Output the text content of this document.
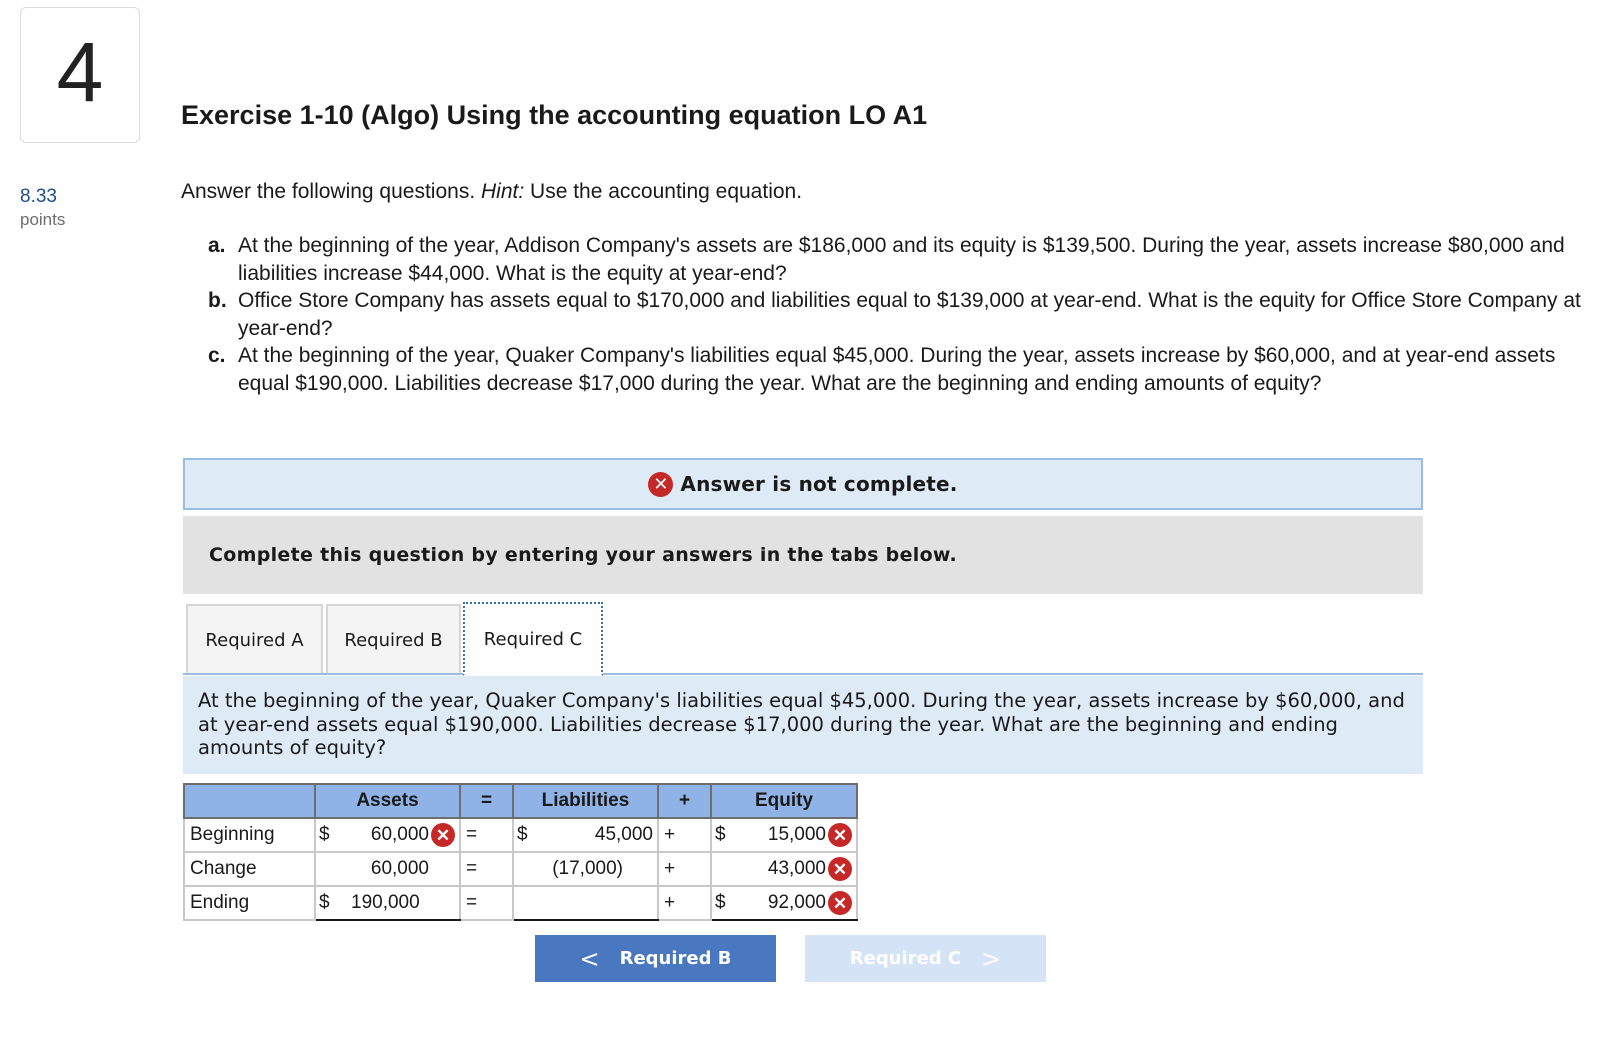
4
8.33
points
Exercise 1-10 (Algo) Using the accounting equation LO A1
Answer the following questions. Hint: Use the accounting equation.
a. At the beginning of the year, Addison Company's assets are $186,000 and its equity is $139,500. During the year, assets increase $80,000 and liabilities increase $44,000. What is the equity at year-end?
b. Office Store Company has assets equal to $170,000 and liabilities equal to $139,000 at year-end. What is the equity for Office Store Company at year-end?
c. At the beginning of the year, Quaker Company's liabilities equal $45,000. During the year, assets increase by $60,000, and at year-end assets equal $190,000. Liabilities decrease $17,000 during the year. What are the beginning and ending amounts of equity?
✕ Answer is not complete.
Complete this question by entering your answers in the tabs below.
Required A	Required B	Required C

At the beginning of the year, Quaker Company's liabilities equal $45,000. During the year, assets increase by $60,000, and at year-end assets equal $190,000. Liabilities decrease $17,000 during the year. What are the beginning and ending amounts of equity?

	Assets		=	Liabilities		+	Equity	
Beginning	$	60,000 ✕	=	$	45,000	+	$	15,000 ✕
Change		60,000	=		(17,000)	+		43,000 ✕
Ending	$	190,000	=			+	$	92,000 ✕
< Required B	Required C >
